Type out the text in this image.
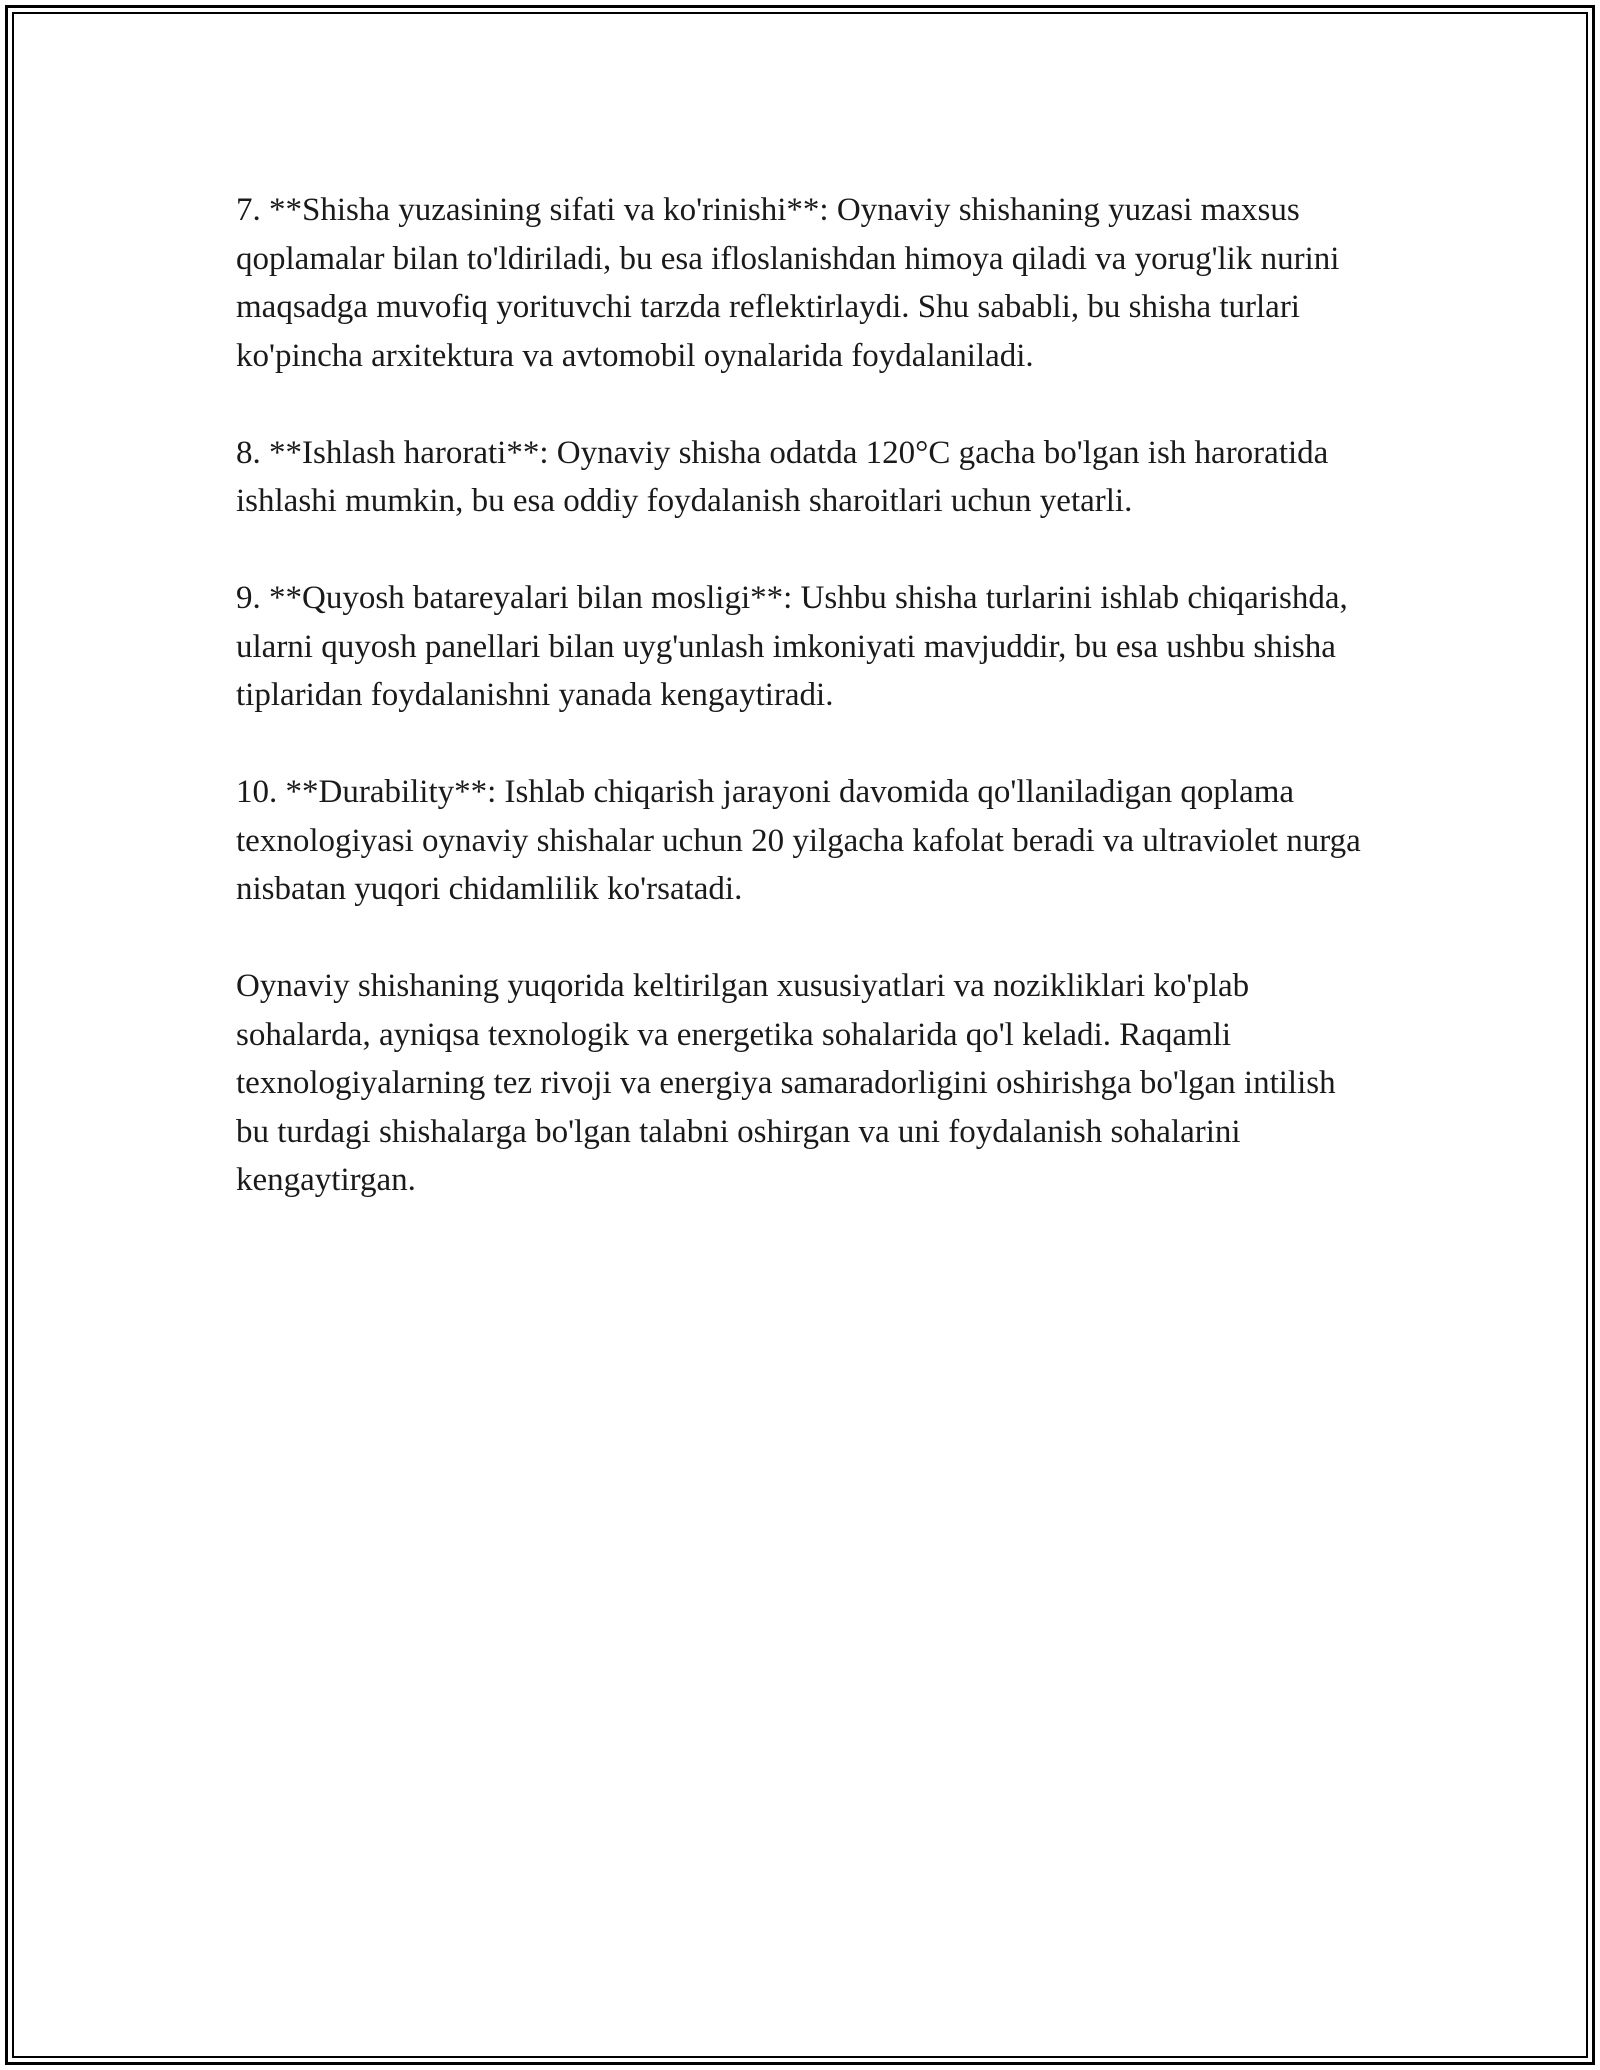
7. **Shisha yuzasining sifati va ko'rinishi**: Oynaviy shishaning yuzasi maxsus qoplamalar bilan to'ldiriladi, bu esa ifloslanishdan himoya qiladi va yorug'lik nurini maqsadga muvofiq yorituvchi tarzda reflektirlaydi. Shu sababli, bu shisha turlari ko'pincha arxitektura va avtomobil oynalarida foydalaniladi.

8. **Ishlash harorati**: Oynaviy shisha odatda 120°C gacha bo'lgan ish haroratida ishlashi mumkin, bu esa oddiy foydalanish sharoitlari uchun yetarli.

9. **Quyosh batareyalari bilan mosligi**: Ushbu shisha turlarini ishlab chiqarishda, ularni quyosh panellari bilan uyg'unlash imkoniyati mavjuddir, bu esa ushbu shisha tiplaridan foydalanishni yanada kengaytiradi.

10. **Durability**: Ishlab chiqarish jarayoni davomida qo'llaniladigan qoplama texnologiyasi oynaviy shishalar uchun 20 yilgacha kafolat beradi va ultraviolet nurga nisbatan yuqori chidamlilik ko'rsatadi.

Oynaviy shishaning yuqorida keltirilgan xususiyatlari va nozikliklari ko'plab sohalarda, ayniqsa texnologik va energetika sohalarida qo'l keladi. Raqamli texnologiyalarning tez rivoji va energiya samaradorligini oshirishga bo'lgan intilish bu turdagi shishalarga bo'lgan talabni oshirgan va uni foydalanish sohalarini kengaytirgan.
